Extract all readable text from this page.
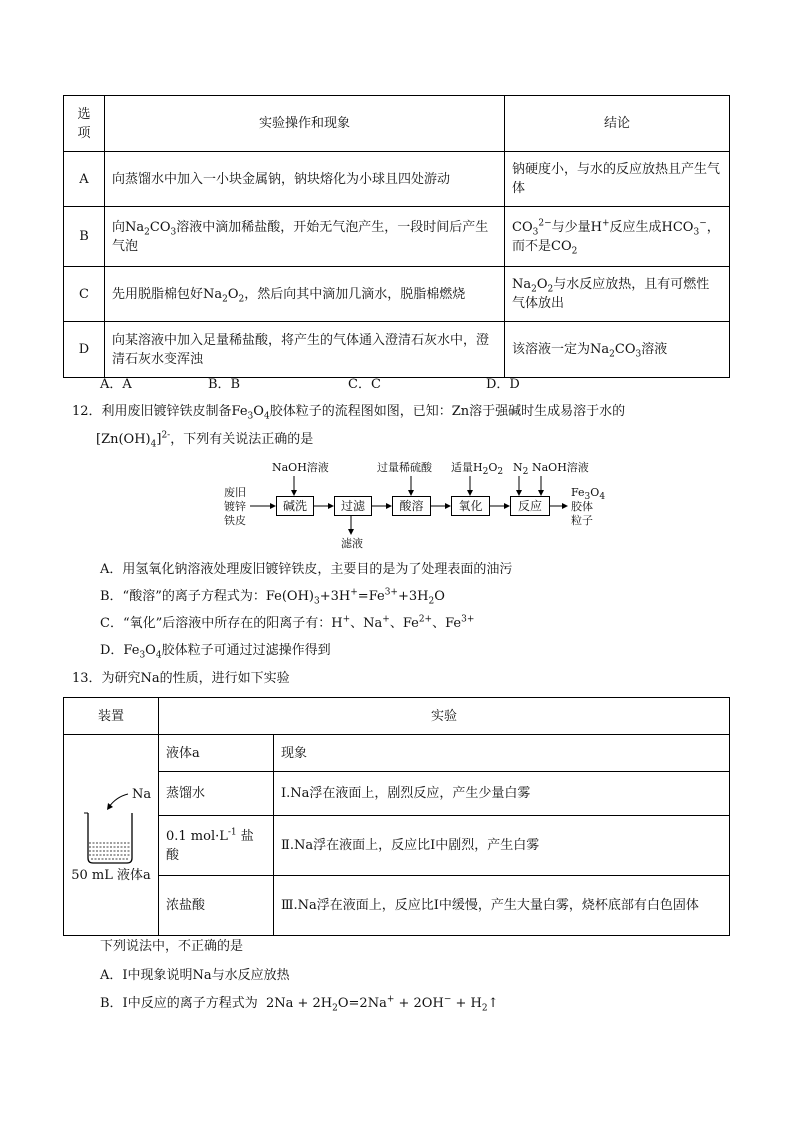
选
项	实验操作和现象	结论
A	向蒸馏水中加入一小块金属钠，钠块熔化为小球且四处游动	钠硬度小，与水的反应放热且产生气体
B	向$Na_2CO_3$溶液中滴加稀盐酸，开始无气泡产生，一段时间后产生气泡	$CO_3^{2-}$与少量H+反应生成$HCO_3^-$，
而不是$CO_2$
C	先用脱脂棉包好$Na_2O_2$，然后向其中滴加几滴水，脱脂棉燃烧	$Na_2O_2$与水反应放热，且有可燃性气体放出
D	向某溶液中加入足量稀盐酸，将产生的气体通入澄清石灰水中，澄清石灰水变浑浊	该溶液一定为$Na_2CO_3$溶液
A．A	B．B	C．C	D．D
12．利用废旧镀锌铁皮制备$Fe_3O_4$胶体粒子的流程图如图，已知：Zn溶于强碱时生成易溶于水的
$[Zn(OH)_4]^{2-}$，下列有关说法正确的是
废旧
镀锌
铁皮
碱洗	过滤	酸溶	氧化	反应
NaOH溶液	过量稀硫酸 适量$H_2O_2$ $N_2$ NaOH溶液
滤液
$Fe_3O_4$
胶体
粒子
A．用氢氧化钠溶液处理废旧镀锌铁皮，主要目的是为了处理表面的油污
B．“酸溶”的离子方程式为：$Fe(OH)_3+3H^+=Fe^{3+}+3H_2O$
C．“氧化”后溶液中所存在的阳离子有：H+、Na+、$Fe^{2+}$、$Fe^{3+}$
D．$Fe_3O_4$胶体粒子可通过过滤操作得到
13．为研究Na的性质，进行如下实验
装置	实验	

Na
50 mL 液体a	液体a	现象
	蒸馏水	Ⅰ.Na浮在液面上，剧烈反应，产生少量白雾
	0.1 $mol\cdot L^{-1}$ 盐酸	Ⅱ.Na浮在液面上，反应比Ⅰ中剧烈，产生白雾
	浓盐酸	Ⅲ.Na浮在液面上，反应比Ⅰ中缓慢，产生大量白雾，烧杯底部有白色固体
下列说法中，不正确的是
A．Ⅰ中现象说明Na与水反应放热
B．Ⅰ中反应的离子方程式为 $2Na + 2H_2O=2Na^+ + 2OH^-$ + $H_2↑$
